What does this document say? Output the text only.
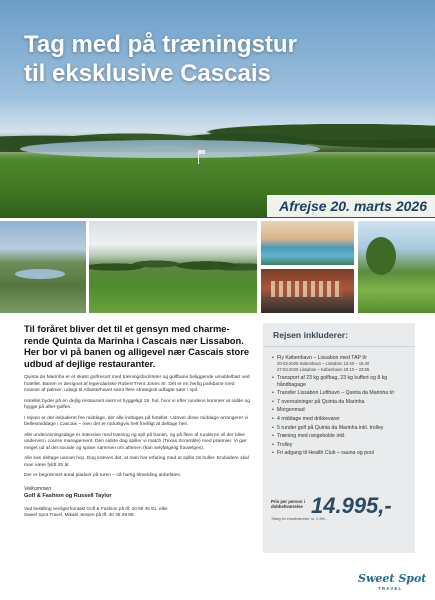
Tag med på træningstur
til eksklusive Cascais
Afrejse 20. marts 2026

Til foråret bliver det til et gensyn med charme-rende Quinta da Marinha i Cascais nær Lissabon. Her bor vi på banen og alligevel nær Cascais store udbud af dejlige restauranter.

Quinta da Marinha er et skønt golfresort med træningsfaciliteter og golfbane beliggende umiddelbart ved hotellet. Banen er designet af legendariske Robert Trent Jones Sr. Det er en herlig parkbane med masser af palmer, udsigt til Atlanterhavet samt flere strategisk udlagte søer i spil.

Hotellet byder på en dejlig restaurant samt et hyggeligt 19. hul, hvor vi efter rundens kommer at sidde og hygge på after-golfen.

I rejsen er der inkluderet fire middage, der alle indtages på hotellet. Udover disse middage arrangerer vi fællesmiddage i Cascais – men det er naturligvis helt frivilligt at deltage heri.

Alle undervisningsdage er intensive med træning og spil på banen, og på flere af runderne vil der blive undervist i course management. Den sidste dag spiller vi match (Texas Scramble) med præmier. Vi gør meget ud af det sociale og spiser sammen om aftenen (kan selvfølgelig fravælges).

Alle kan deltage uanset hcp. Dog kræves det, at man har erfaring med at spille 18 huller. Endvidere skal man være fyldt 25 år.

Der er begrænset antal pladser på turen – så hurtig tilmelding anbefales.

Velkommen

Golf & Fashion og Russell Taylor

Ved bestilling venligst kontakt Golf & Fashion på tlf. 20 89 45 81, eller

Sweet Spot Travel, Mikael Jensen på tlf. 40 36 28 88.

Rejsen inkluderer:
• Fly København – Lissabon med TAP t/r
20-03-2026 København – Lissabon 12:40 – 15:40
27-03-2026 Lissabon – København 19:10 – 23:55
• Transport af 23 kg golfbag, 23 kg kuffert og 8 kg håndbagage
• Transfer Lissabon Lufthavn – Quinta da Marinha t/r
• 7 overnatninger på Quinta da Marinha
• Morgenmad
• 4 middage med drikkevarer
• 5 runder golf på Quinta da Marinha inkl. trolley
• Træning med rangebolde inkl.
• Trolley
• Fri adgang til Health Club – sauna og pool
Pris per person i dobbeltværelse 14.995,-
Tillæg for enkeltværelse: kr. 2.490,-
Sweet Spot
TRAVEL
